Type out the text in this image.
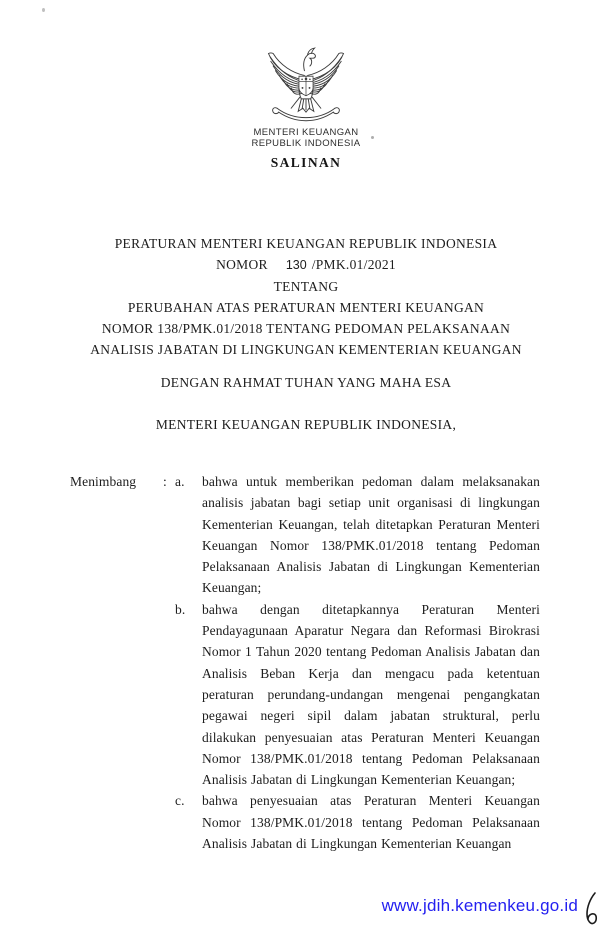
MENTERI KEUANGAN
REPUBLIK INDONESIA
SALINAN
PERATURAN MENTERI KEUANGAN REPUBLIK INDONESIA
NOMOR 130 /PMK.01/2021
TENTANG
PERUBAHAN ATAS PERATURAN MENTERI KEUANGAN
NOMOR 138/PMK.01/2018 TENTANG PEDOMAN PELAKSANAAN
ANALISIS JABATAN DI LINGKUNGAN KEMENTERIAN KEUANGAN
DENGAN RAHMAT TUHAN YANG MAHA ESA
MENTERI KEUANGAN REPUBLIK INDONESIA,
Menimbang	: a.	bahwa untuk memberikan pedoman dalam melaksanakan analisis jabatan bagi setiap unit organisasi di lingkungan Kementerian Keuangan, telah ditetapkan Peraturan Menteri Keuangan Nomor 138/PMK.01/2018 tentang Pedoman Pelaksanaan Analisis Jabatan di Lingkungan Kementerian Keuangan;
b.	bahwa dengan ditetapkannya Peraturan Menteri Pendayagunaan Aparatur Negara dan Reformasi Birokrasi Nomor 1 Tahun 2020 tentang Pedoman Analisis Jabatan dan Analisis Beban Kerja dan mengacu pada ketentuan peraturan perundang-undangan mengenai pengangkatan pegawai negeri sipil dalam jabatan struktural, perlu dilakukan penyesuaian atas Peraturan Menteri Keuangan Nomor 138/PMK.01/2018 tentang Pedoman Pelaksanaan Analisis Jabatan di Lingkungan Kementerian Keuangan;
c.	bahwa penyesuaian atas Peraturan Menteri Keuangan Nomor 138/PMK.01/2018 tentang Pedoman Pelaksanaan Analisis Jabatan di Lingkungan Kementerian Keuangan
www.jdih.kemenkeu.go.id
